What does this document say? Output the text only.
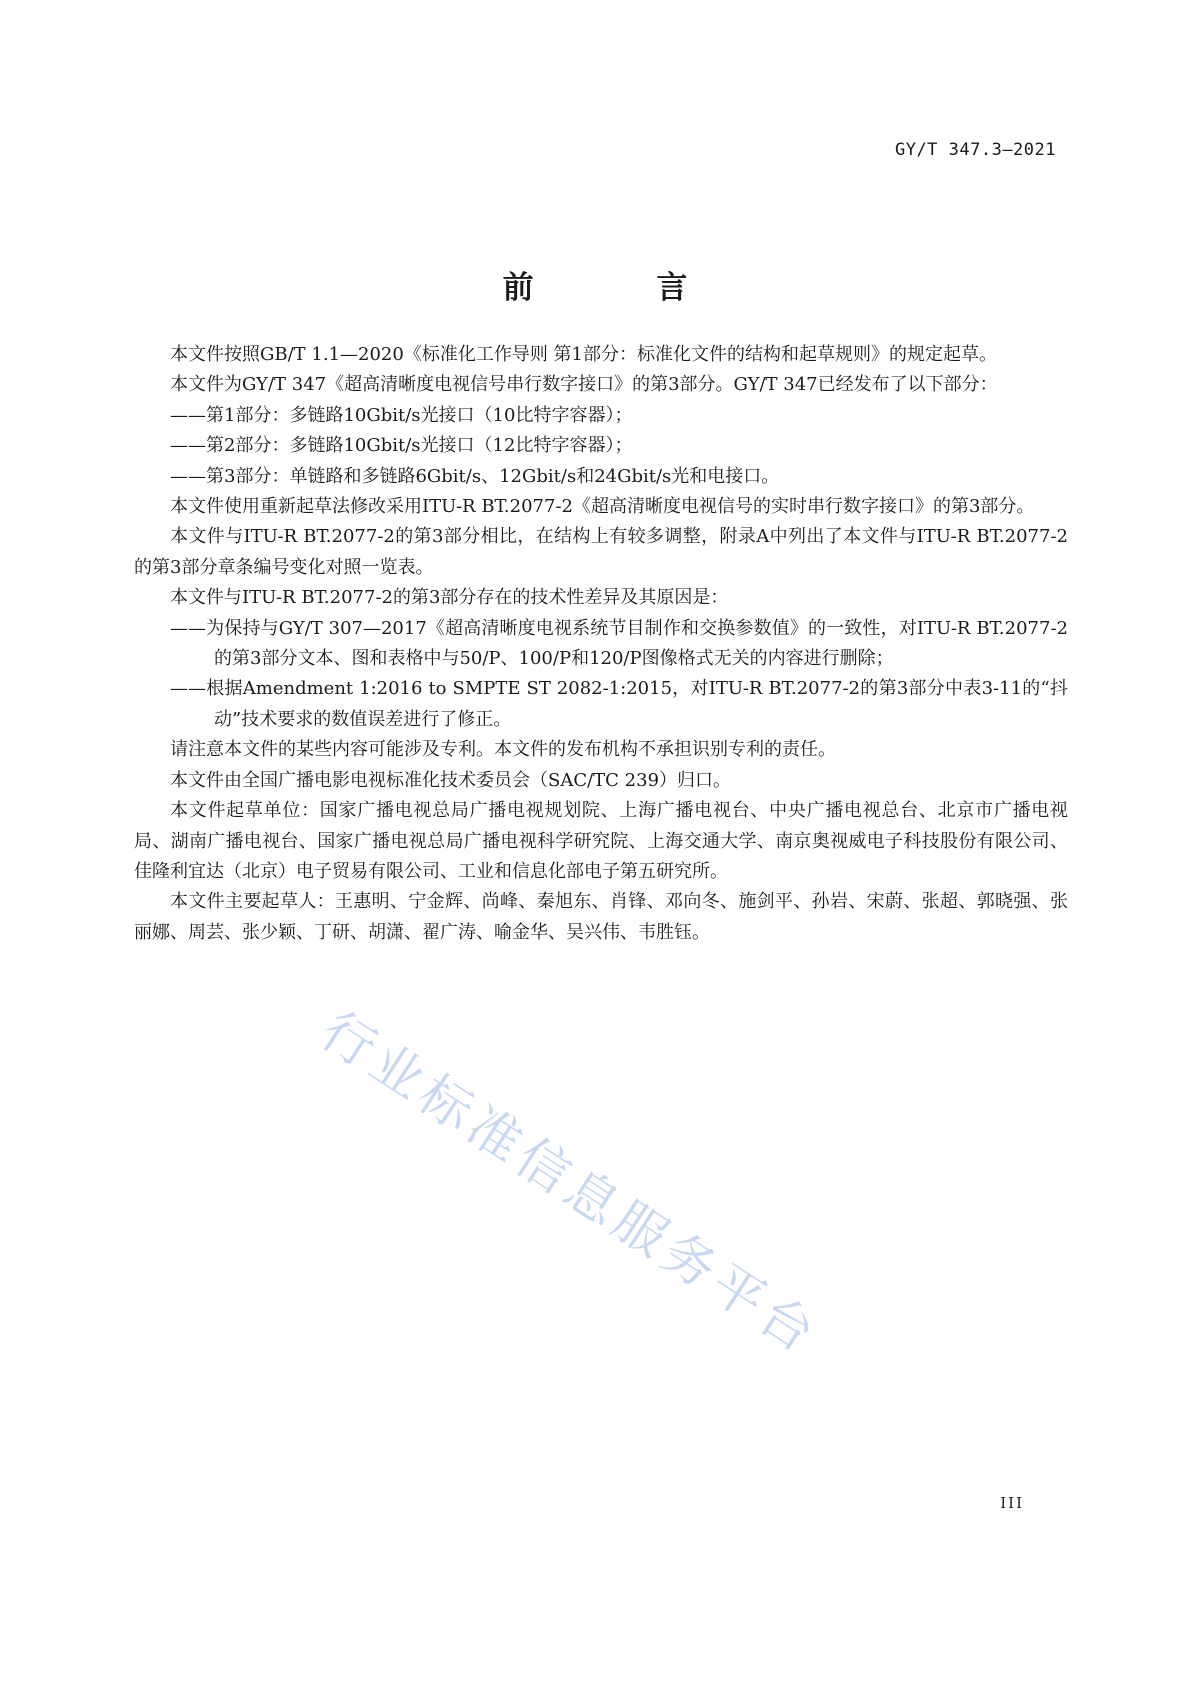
GY/T 347.3—2021
前 言

本文件按照GB/T 1.1—2020《标准化工作导则 第1部分：标准化文件的结构和起草规则》的规定起草。

本文件为GY/T 347《超高清晰度电视信号串行数字接口》的第3部分。GY/T 347已经发布了以下部分：

——第1部分：多链路10Gbit/s光接口（10比特字容器）；

——第2部分：多链路10Gbit/s光接口（12比特字容器）；

——第3部分：单链路和多链路6Gbit/s、12Gbit/s和24Gbit/s光和电接口。

本文件使用重新起草法修改采用ITU-R BT.2077-2《超高清晰度电视信号的实时串行数字接口》的第3部分。

本文件与ITU-R BT.2077-2的第3部分相比，在结构上有较多调整，附录A中列出了本文件与ITU-R BT.2077-2的第3部分章条编号变化对照一览表。

本文件与ITU-R BT.2077-2的第3部分存在的技术性差异及其原因是：

——为保持与GY/T 307—2017《超高清晰度电视系统节目制作和交换参数值》的一致性，对ITU-R BT.2077-2的第3部分文本、图和表格中与50/P、100/P和120/P图像格式无关的内容进行删除；

——根据Amendment 1:2016 to SMPTE ST 2082-1:2015，对ITU-R BT.2077-2的第3部分中表3-11的“抖动”技术要求的数值误差进行了修正。

请注意本文件的某些内容可能涉及专利。本文件的发布机构不承担识别专利的责任。

本文件由全国广播电影电视标准化技术委员会（SAC/TC 239）归口。

本文件起草单位：国家广播电视总局广播电视规划院、上海广播电视台、中央广播电视总台、北京市广播电视局、湖南广播电视台、国家广播电视总局广播电视科学研究院、上海交通大学、南京奥视威电子科技股份有限公司、佳隆利宜达（北京）电子贸易有限公司、工业和信息化部电子第五研究所。

本文件主要起草人：王惠明、宁金辉、尚峰、秦旭东、肖锋、邓向冬、施剑平、孙岩、宋蔚、张超、郭晓强、张丽娜、周芸、张少颖、丁研、胡潇、翟广涛、喻金华、吴兴伟、韦胜钰。

行业标准信息服务平台
III
